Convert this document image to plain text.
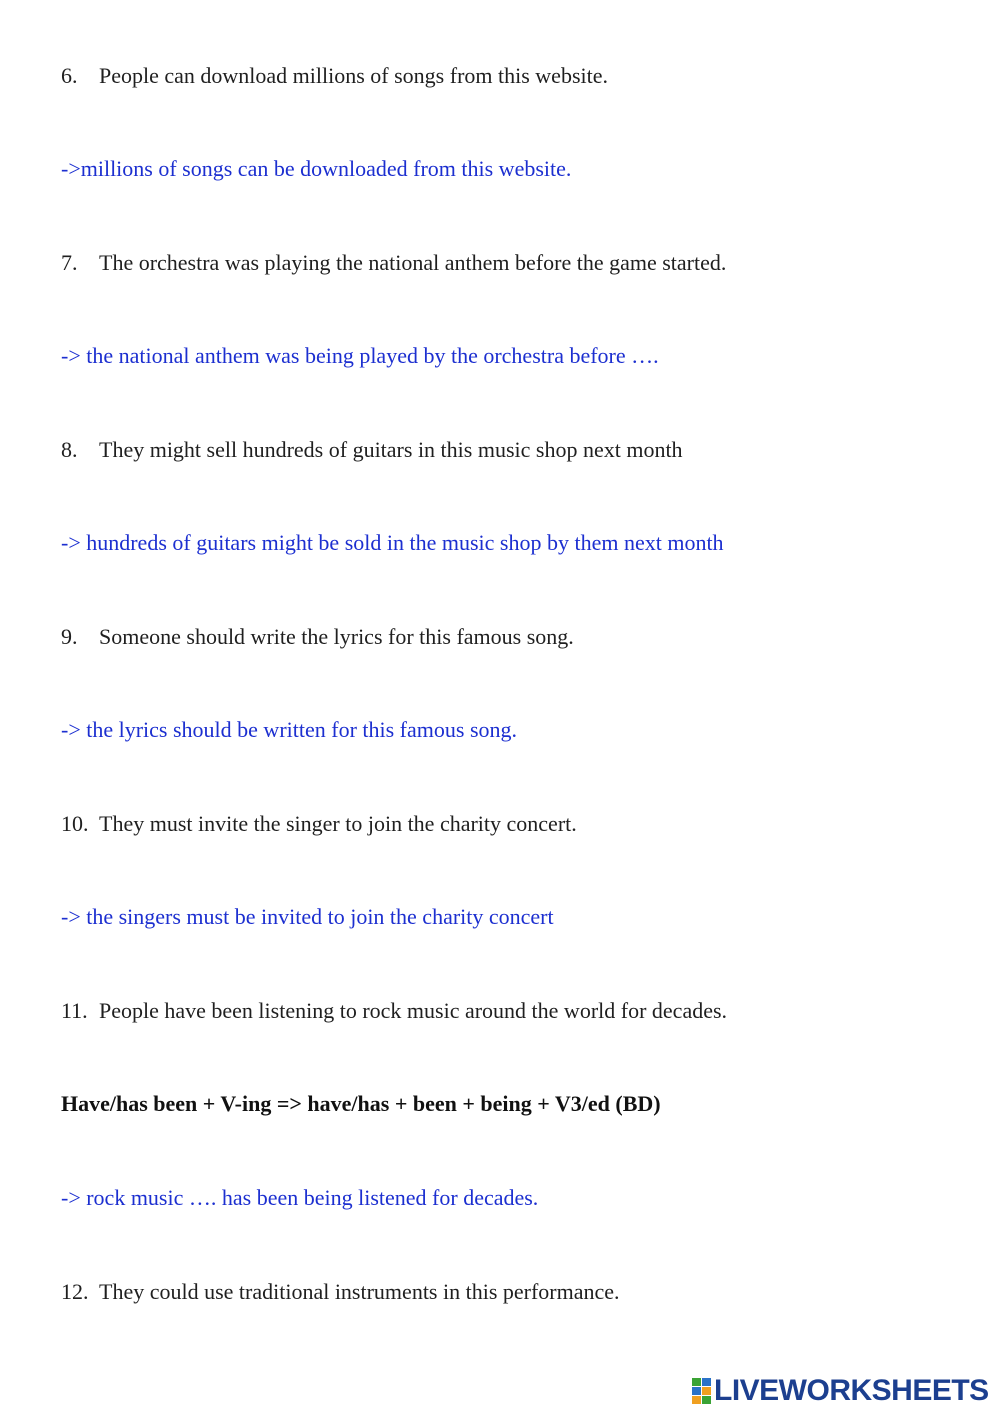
6. People can download millions of songs from this website.
->millions of songs can be downloaded from this website.
7. The orchestra was playing the national anthem before the game started.
-> the national anthem was being played by the orchestra before ….
8. They might sell hundreds of guitars in this music shop next month
-> hundreds of guitars might be sold in the music shop by them next month
9. Someone should write the lyrics for this famous song.
-> the lyrics should be written for this famous song.
10. They must invite the singer to join the charity concert.
-> the singers must be invited to join the charity concert
11. People have been listening to rock music around the world for decades.
Have/has been + V-ing => have/has + been + being + V3/ed (BD)
-> rock music …. has been being listened for decades.
12. They could use traditional instruments in this performance.
LIVEWORKSHEETS
